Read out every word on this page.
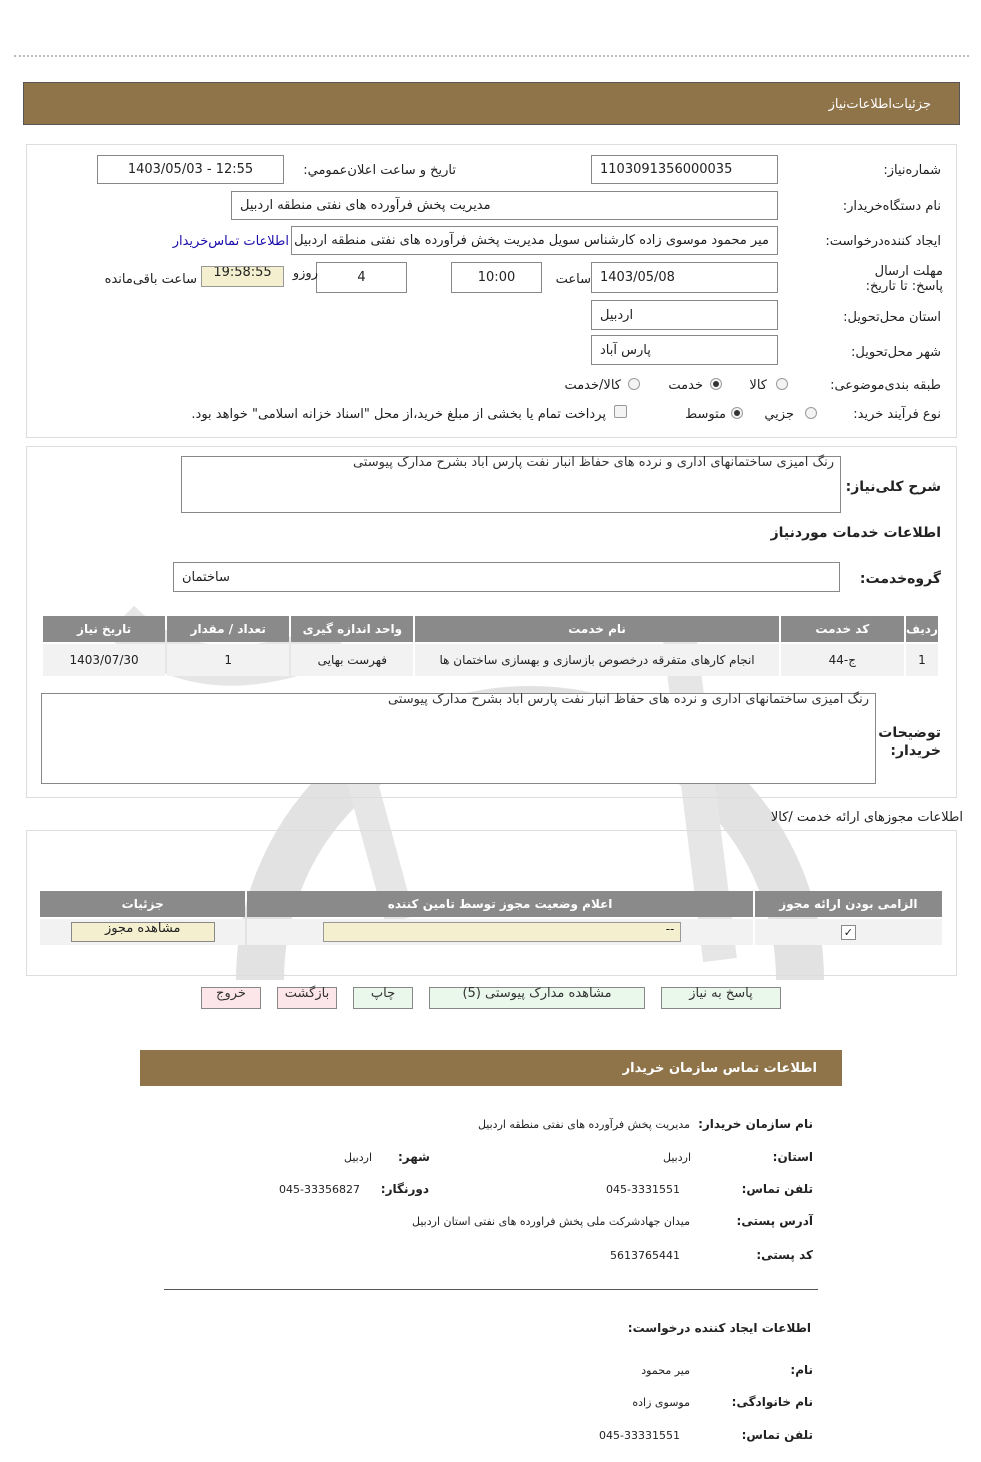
جزئیات‌اطلاعات‌نیاز
شماره‌نیاز:
1103091356000035
تاريخ و ساعت اعلان‌عمومي:
1403/05/03 - 12:55
نام دستگاه‌خريدار:
مديريت پخش فرآورده هاى نفتى منطقه اردبيل
ايجاد کننده‌درخواست:
مير محمود موسوى زاده کارشناس سويل مديريت پخش فرآورده هاى نفتى منطقه اردبيل
اطلاعات تماس‌خريدار
مهلت ارسال پاسخ: تا تاريخ:
1403/05/08
ساعت
10:00
4
روزو
19:58:55
ساعت باقی‌مانده
استان محل‌تحويل:
اردبيل
شهر محل‌تحويل:
پارس آباد
طبقه بندی‌موضوعی:
کالا
خدمت
کالا/خدمت
نوع فرآيند خريد:
جزيي
متوسط
پرداخت تمام يا بخشى از مبلغ خريد،از محل "اسناد خزانه اسلامى" خواهد بود.
شرح کلی‌نیاز:
رنگ اميزى ساختمانهاى ادارى و نرده هاى حفاظ انبار نفت پارس اباد بشرح مدارک پيوستى
اطلاعات خدمات مورد‌نیاز
گروه‌خدمت:
ساختمان
رديف	کد خدمت	نام خدمت	واحد اندازه گيرى	تعداد / مقدار	تاريخ نياز
1	ج-44	انجام کارهاى متفرقه درخصوص بازسازى و بهسازى ساختمان ها	فهرست بهايى	1	1403/07/30
توضيحات خريدار:
رنگ اميزى ساختمانهاى ادارى و نرده هاى حفاظ انبار نفت پارس اباد بشرح مدارک پيوستى
اطلاعات مجوزهای ارائه خدمت /کالا
الزامی بودن ارائه مجوز	اعلام وضعيت مجوز توسط تامين کننده	جزئيات
✓	--	مشاهده مجوز
پاسخ به نياز
مشاهده مدارک پيوستى (5)
چاپ
بازگشت
خروج
اطلاعات تماس سازمان خريدار
نام سازمان خريدار:
مديريت پخش فرآورده هاى نفتى منطقه اردبيل
استان:
اردبيل
شهر:
اردبيل
تلفن تماس:
045-3331551
دورنگار:
045-33356827
آدرس پستى:
ميدان جهادشرکت ملى پخش فراورده هاى نفتى استان اردبيل
کد پستى:
5613765441
اطلاعات ايجاد کننده درخواست:
نام:
مير محمود
نام خانوادگى:
موسوى زاده
تلفن تماس:
045-33331551
